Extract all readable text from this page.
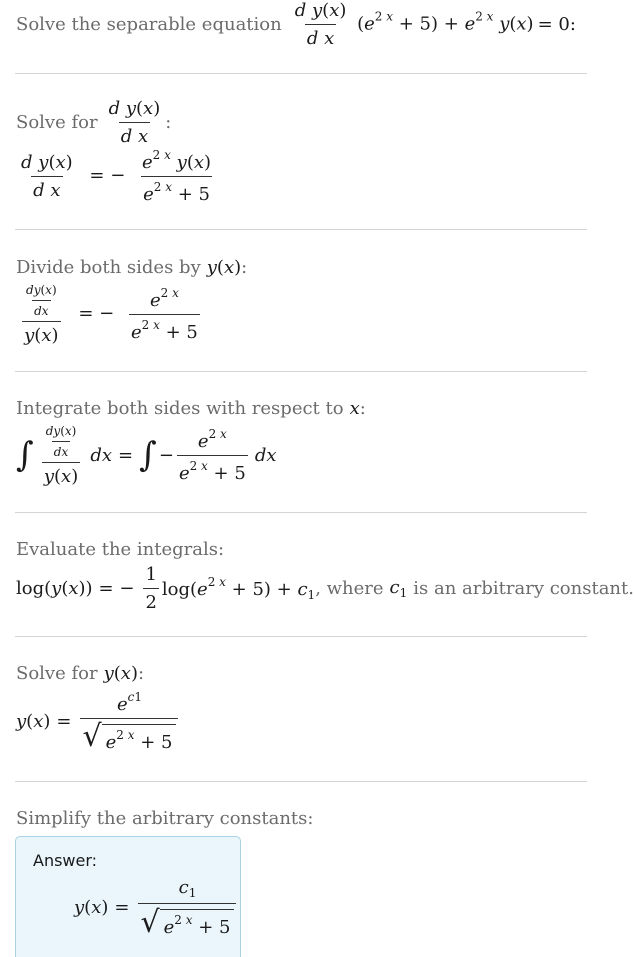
Solve the separable equation $\frac{\text{d y(x)}}{\text{d x}} (e^{2 x} + 5) + e^{2 x}$ y(x) = 0:
Solve for $\frac{\text{d y(x)}}{\text{d x}}$ :
$\frac{\text{d y(x)}}{\text{d x}}$ = − $\frac{e^{2 x} y(x)}{e^{2 x} + 5}$
Divide both sides by y(x) :
$\frac{\frac{dy(x)}{dx}}{y(x)}$ = − $\frac{e^{2 x}}{e^{2 x} + 5}$
Integrate both sides with respect to x :
∫ $\frac{\frac{dy(x)}{dx}}{y(x)}$ dx = ∫ − $\frac{e^{2 x}}{e^{2 x} + 5}$ dx
Evaluate the integrals:
log( y ( x )) = − $\frac{1}{2} \log(e^{2 x} + 5) + c_1$ , where $c_1$ is an arbitrary constant.
Solve for y(x) :
y ( x ) = $\frac{e^{c1}}{√ e^{2 x} + 5}$
Simplify the arbitrary constants:
Answer:
y ( x ) = $\frac{c_1}{√ e^{2 x} + 5}$
